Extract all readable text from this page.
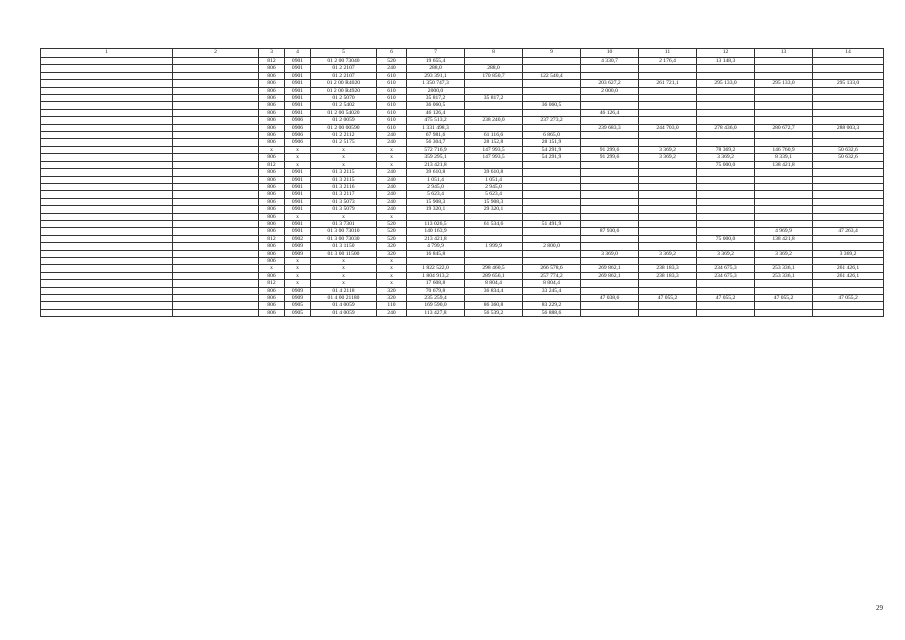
1	2	3	4	5	6	7	8	9	10	11	12	13	14
		812	0901	01 2 00 73040	520	19 655,4			4 330,7	2 176,4	13 148,3		
		806	0901	01 2 2107	240	288,0	288,0						
		806	0901	01 2 2107	610	293 391,1	170 850,7	122 540,4					
		806	0901	01 2 00 R4020	610	1 350 747,3			203 627,2	261 721,1	295 133,0	295 133,0	295 133,0
		806	0901	01 2 00 R4920	610	2000,0			2 000,0				
		806	0901	01 2 5070	610	35 817,2	35 817,2						
		806	0901	01 2 5402	610	36 060,5		36 060,5					
		806	0901	01 2 00 54020	610	46 126,4			46 126,4				
		806	0906	01 2 0059	610	475 513,2	238 240,0	237 273,2					
		806	0906	01 2 00 00590	610	1 331 498,3			239 683,3	244 703,0	278 436,0	280 672,7	288 003,3
		806	0906	01 2 2112	240	67 981,6	61 116,6	6 865,0					
		806	0906	01 2 5175	240	56 304,7	28 152,8	28 151,9					
		x	x	x	x	572 716,9	147 993,5	54 291,9	91 299,6	3 369,2	78 369,2	146 760,9	50 632,6
		806	x	x	x	359 295,1	147 993,5	54 291,9	91 299,6	3 369,2	3 369,2	8 339,1	50 632,6
		812	x	x	x	213 421,8					75 000,0	138 421,8	
		806	0901	01 3 2115	240	39 610,8	39 610,8						
		806	0901	01 3 2115	240	1 051,4	1 051,4						
		806	0901	01 3 2116	240	2 945,0	2 945,0						
		806	0901	01 3 2117	240	5 623,4	5 623,4						
		806	0901	01 3 5073	240	15 908,3	15 908,3						
		806	0901	01 3 5079	240	19 320,1	29 320,1						
		806	x	x	x								
		806	0901	01 3 7301	520	113 026,5	61 534,6	51 491,9					
		806	0901	01 3 00 73010	520	140 163,9			87 930,6			4 969,9	47 263,4
		812	0902	01 3 00 73030	520	213 421,8					75 000,0	138 421,8	
		806	0909	01 3 1150	320	4 799,9	1 999,9	2 800,0					
		806	0909	01 3 00 11500	320	16 845,8			3 369,0	3 369,2	3 369,2	3 369,2	3 369,2
		806	x	x	x								
		x	x	x	x	1 822 522,0	298 460,5	266 578,6	269 862,1	238 183,3	234 675,3	253 336,1	261 426,1
		806	x	x	x	1 804 913,2	289 656,1	257 774,2	269 862,1	238 183,3	234 675,3	253 336,1	261 426,1
		812	x	x	x	17 608,8	8 804,4	8 804,4					
		806	0909	01 4 2118	320	70 679,8	36 834,4	33 245,4					
		806	0909	01 4 00 21180	320	235 259,4			47 038,6	47 055,2	47 055,2	47 055,2	47 055,2
		806	0905	01 4 0059	110	169 590,0	86 360,8	83 229,2					
		806	0905	01 4 0059	240	113 427,8	56 539,2	56 888,6					
29
